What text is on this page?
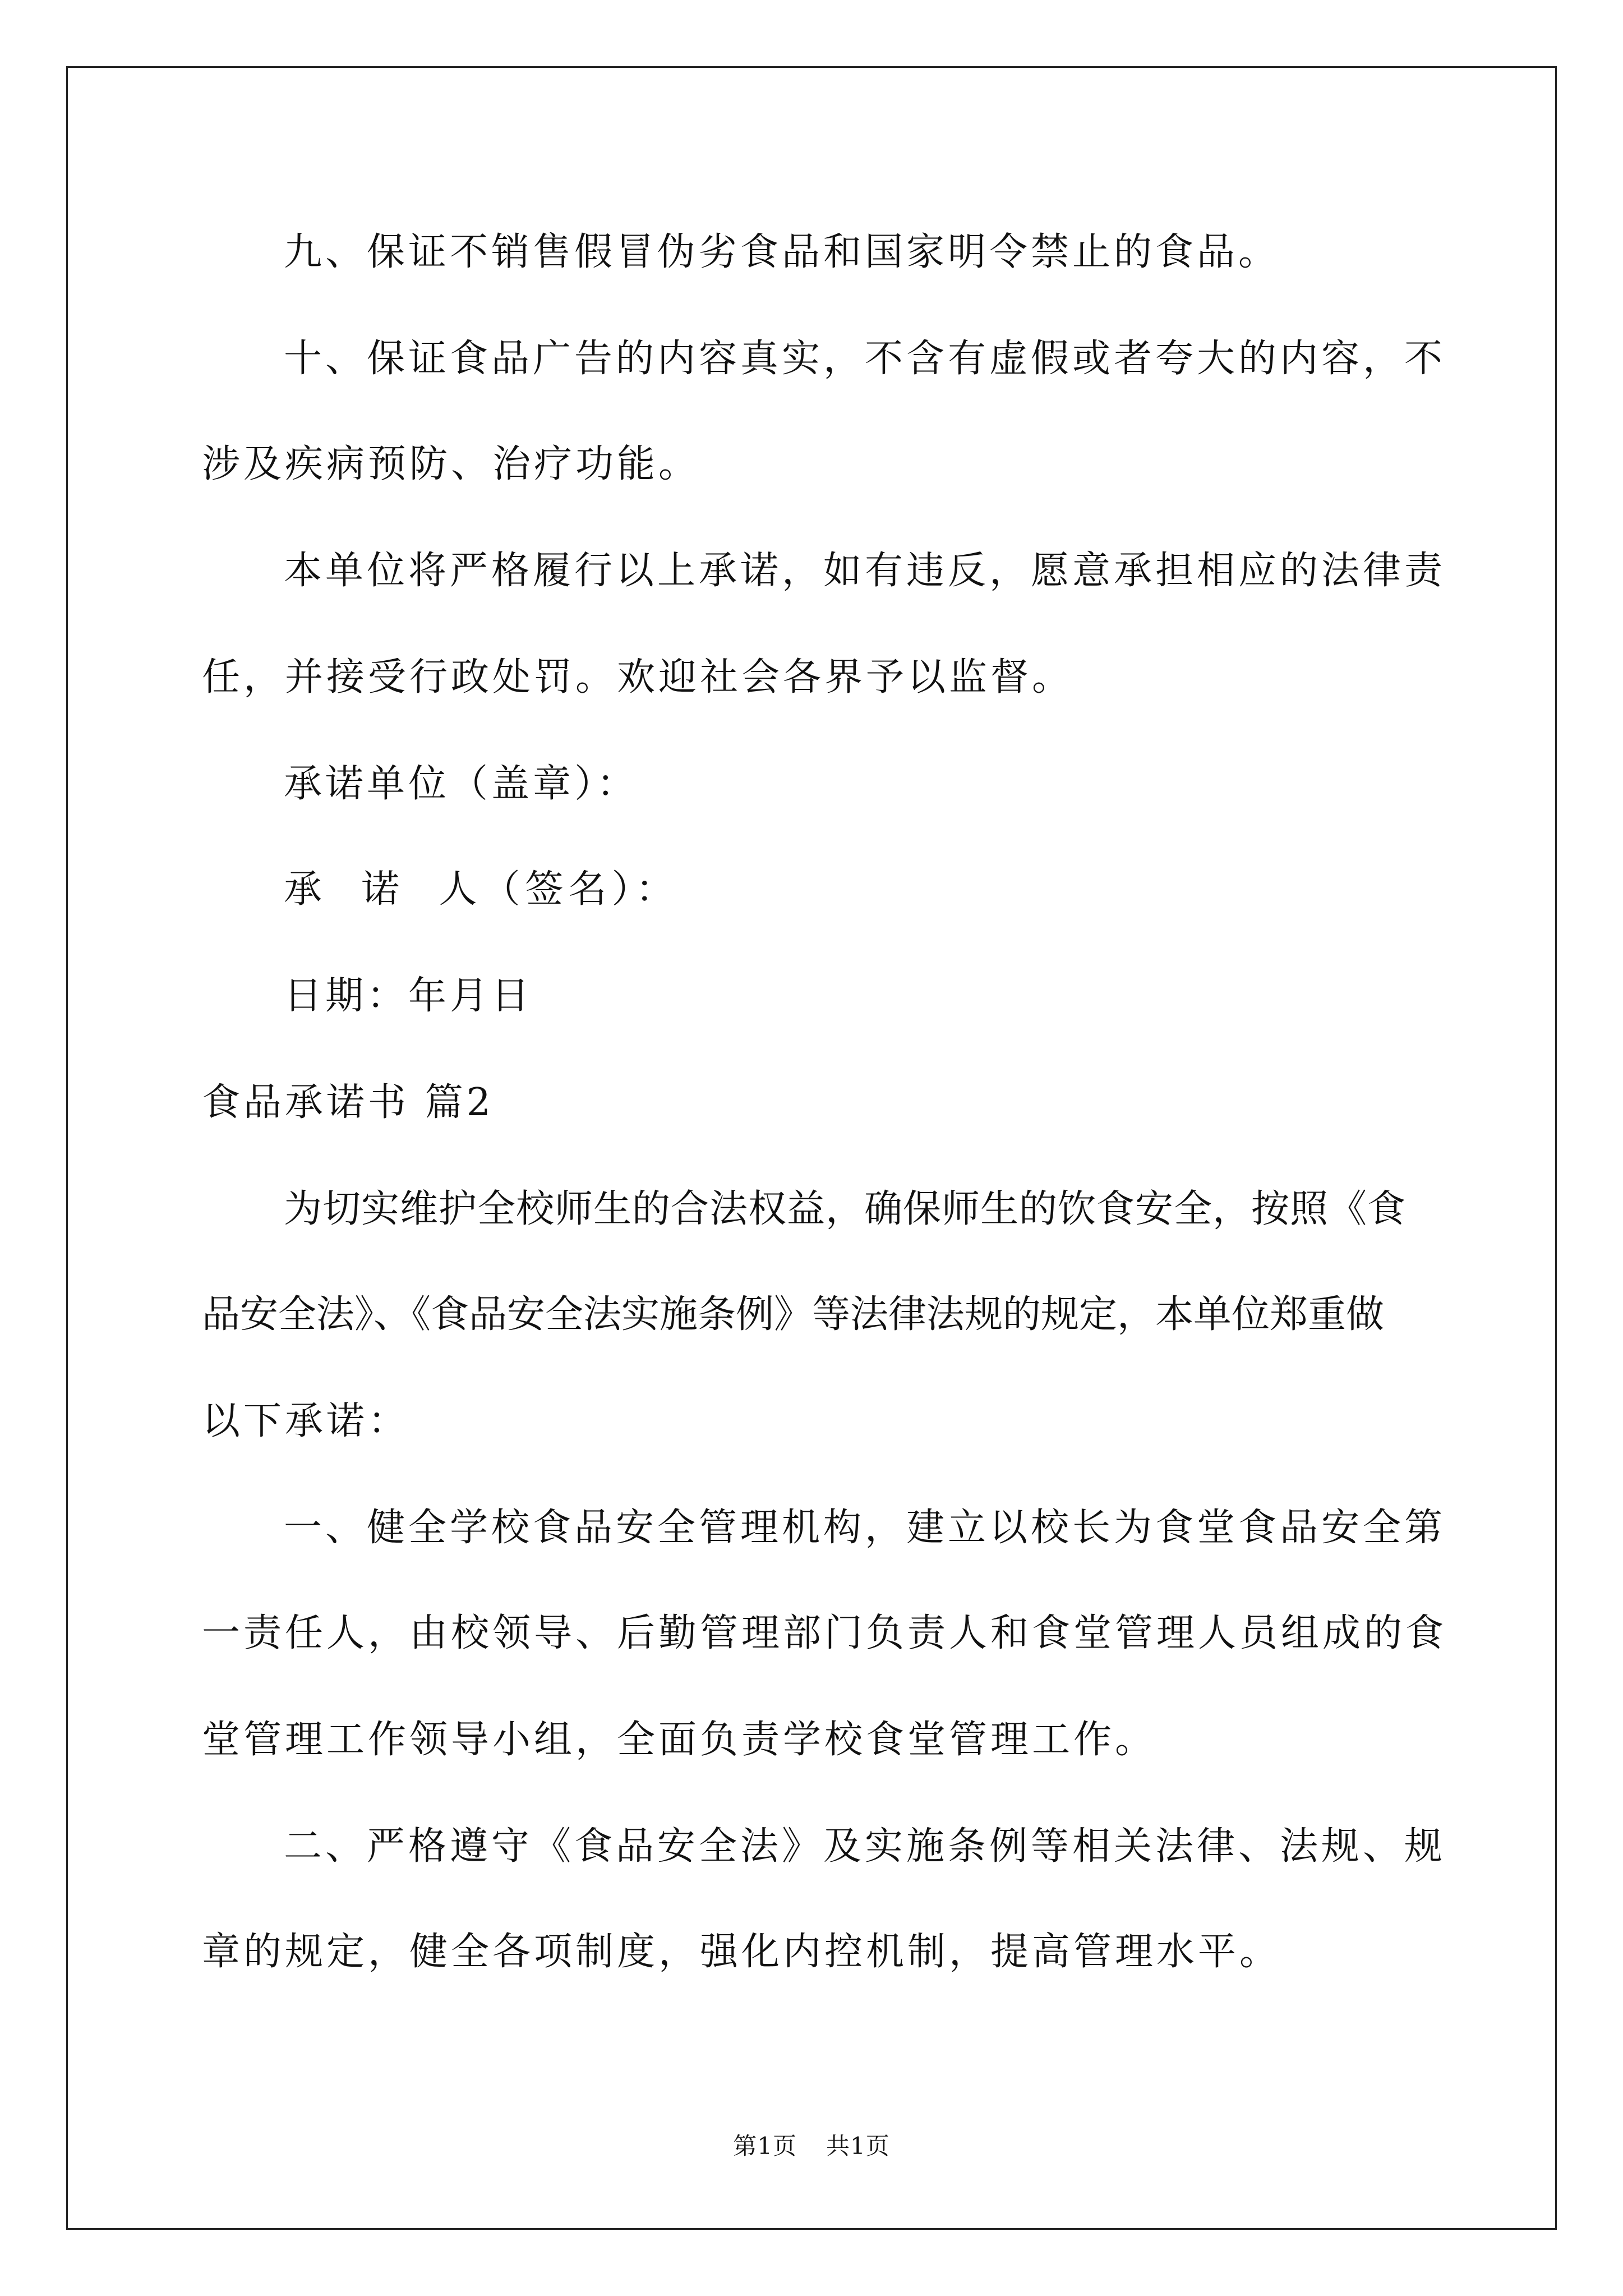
九、保证不销售假冒伪劣食品和国家明令禁止的食品。
十、保证食品广告的内容真实，不含有虚假或者夸大的内容，不
涉及疾病预防、治疗功能。
本单位将严格履行以上承诺，如有违反，愿意承担相应的法律责
任，并接受行政处罚。欢迎社会各界予以监督。
承诺单位（盖章）：
承  诺  人（签名）：
日期：年月日
食品承诺书 篇2
为切实维护全校师生的合法权益，确保师生的饮食安全，按照《食
品安全法》、《食品安全法实施条例》等法律法规的规定，本单位郑重做
以下承诺：
一、健全学校食品安全管理机构，建立以校长为食堂食品安全第
一责任人，由校领导、后勤管理部门负责人和食堂管理人员组成的食
堂管理工作领导小组，全面负责学校食堂管理工作。
二、严格遵守《食品安全法》及实施条例等相关法律、法规、规
章的规定，健全各项制度，强化内控机制，提高管理水平。
第1页 共1页
